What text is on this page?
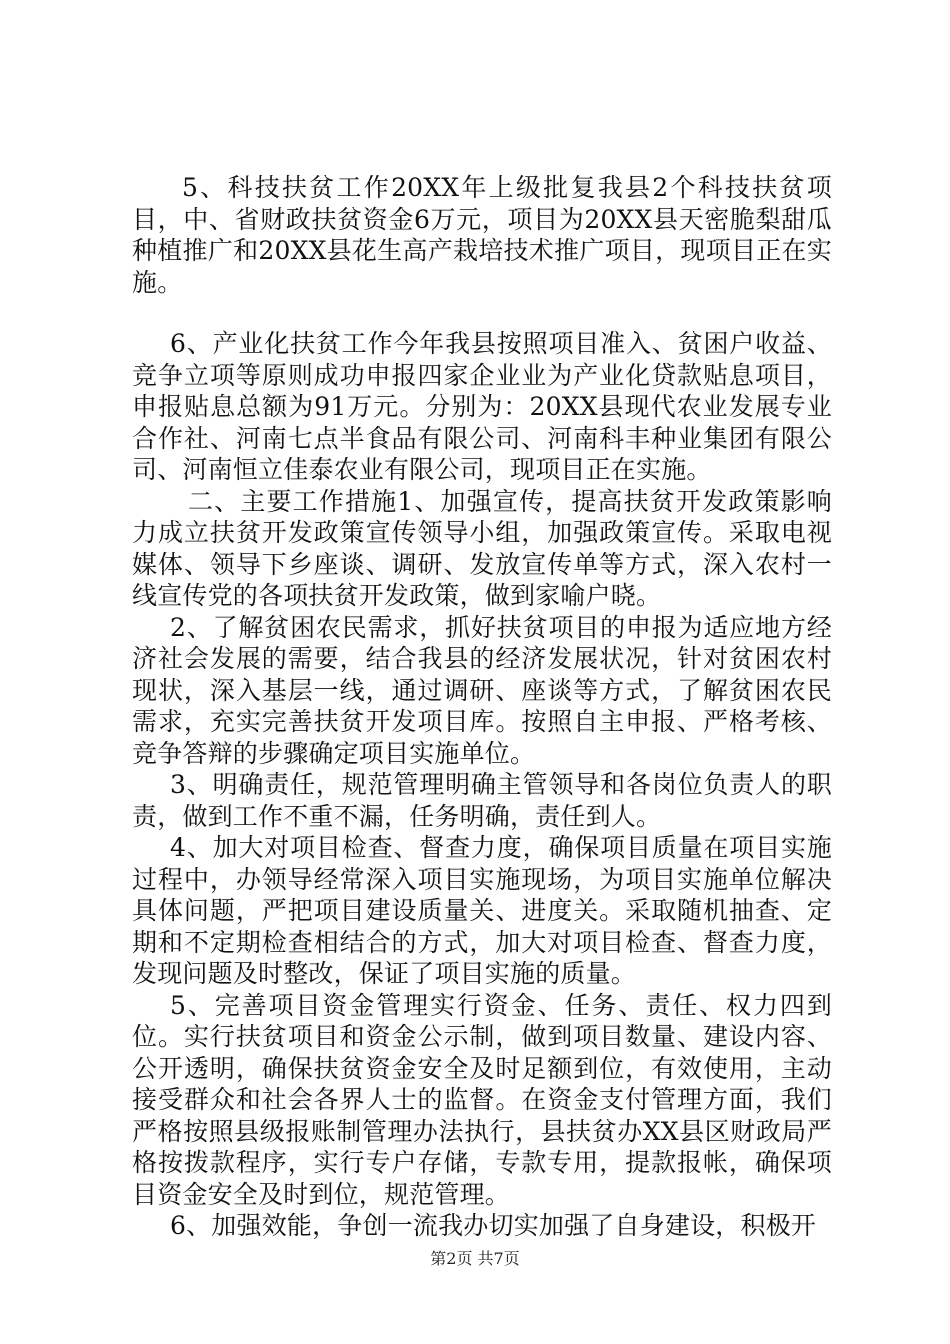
5、科技扶贫工作20XX年上级批复我县2个科技扶贫项目，中、省财政扶贫资金6万元，项目为20XX县天密脆梨甜瓜种植推广和20XX县花生高产栽培技术推广项目，现项目正在实施。

6、产业化扶贫工作今年我县按照项目准入、贫困户收益、竞争立项等原则成功申报四家企业业为产业化贷款贴息项目，申报贴息总额为91万元。分别为：20XX县现代农业发展专业合作社、河南七点半食品有限公司、河南科丰种业集团有限公司、河南恒立佳泰农业有限公司，现项目正在实施。

二、主要工作措施1、加强宣传，提高扶贫开发政策影响力成立扶贫开发政策宣传领导小组，加强政策宣传。采取电视媒体、领导下乡座谈、调研、发放宣传单等方式，深入农村一线宣传党的各项扶贫开发政策，做到家喻户晓。

2、了解贫困农民需求，抓好扶贫项目的申报为适应地方经济社会发展的需要，结合我县的经济发展状况，针对贫困农村现状，深入基层一线，通过调研、座谈等方式，了解贫困农民需求，充实完善扶贫开发项目库。按照自主申报、严格考核、竞争答辩的步骤确定项目实施单位。

3、明确责任，规范管理明确主管领导和各岗位负责人的职责，做到工作不重不漏，任务明确，责任到人。

4、加大对项目检查、督查力度，确保项目质量在项目实施过程中，办领导经常深入项目实施现场，为项目实施单位解决具体问题，严把项目建设质量关、进度关。采取随机抽查、定期和不定期检查相结合的方式，加大对项目检查、督查力度，发现问题及时整改，保证了项目实施的质量。

5、完善项目资金管理实行资金、任务、责任、权力四到位。实行扶贫项目和资金公示制，做到项目数量、建设内容、公开透明，确保扶贫资金安全及时足额到位，有效使用，主动接受群众和社会各界人士的监督。在资金支付管理方面，我们严格按照县级报账制管理办法执行，县扶贫办XX县区财政局严格按拨款程序，实行专户存储，专款专用，提款报帐，确保项目资金安全及时到位，规范管理。

6、加强效能，争创一流我办切实加强了自身建设，积极开

第2页 共7页
